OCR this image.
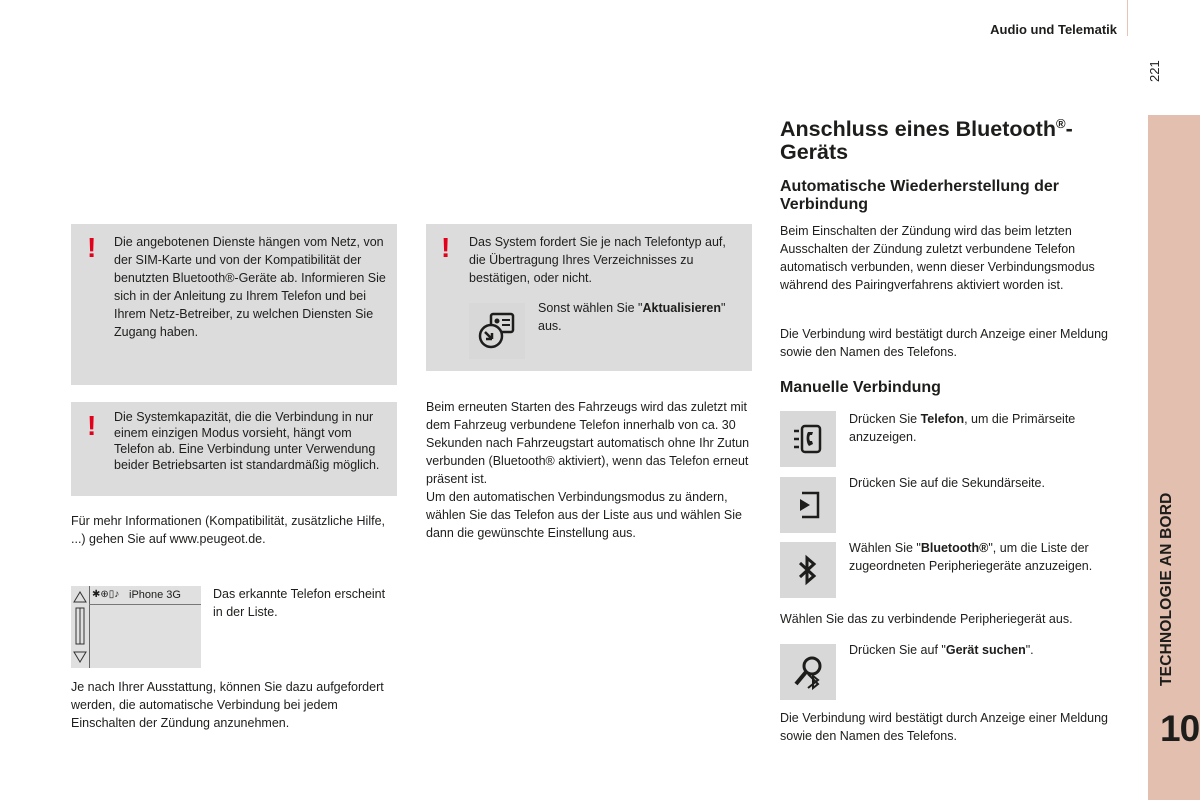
Audio und Telematik
221
TECHNOLOGIE AN BORD
10
! Die angebotenen Dienste hängen vom Netz, von der SIM-Karte und von der Kompatibilität der benutzten Bluetooth®-Geräte ab. Informieren Sie sich in der Anleitung zu Ihrem Telefon und bei Ihrem Netz-Betreiber, zu welchen Diensten Sie Zugang haben.

! Die Systemkapazität, die die Verbindung in nur einem einzigen Modus vorsieht, hängt vom Telefon ab. Eine Verbindung unter Verwendung beider Betriebsarten ist standardmäßig möglich.

Für mehr Informationen (Kompatibilität, zusätzliche Hilfe, ...) gehen Sie auf www.peugeot.de.

✱⊕▯♪ iPhone 3G	Das erkannte Telefon erscheint in der Liste.

Je nach Ihrer Ausstattung, können Sie dazu aufgefordert werden, die automatische Verbindung bei jedem Einschalten der Zündung anzunehmen.

! Das System fordert Sie je nach Telefontyp auf, die Übertragung Ihres Verzeichnisses zu bestätigen, oder nicht.

Sonst wählen Sie "Aktualisieren" aus.

Beim erneuten Starten des Fahrzeugs wird das zuletzt mit dem Fahrzeug verbundene Telefon innerhalb von ca. 30 Sekunden nach Fahrzeugstart automatisch ohne Ihr Zutun verbunden (Bluetooth® aktiviert), wenn das Telefon erneut präsent ist.

Um den automatischen Verbindungsmodus zu ändern, wählen Sie das Telefon aus der Liste aus und wählen Sie dann die gewünschte Einstellung aus.

Anschluss eines Bluetooth®-
Geräts
Automatische Wiederherstellung der Verbindung

Beim Einschalten der Zündung wird das beim letzten Ausschalten der Zündung zuletzt verbundene Telefon automatisch verbunden, wenn dieser Verbindungsmodus während des Pairingverfahrens aktiviert worden ist.

Die Verbindung wird bestätigt durch Anzeige einer Meldung sowie den Namen des Telefons.

Manuelle Verbindung

Drücken Sie Telefon, um die Primärseite anzuzeigen.

Drücken Sie auf die Sekundärseite.

Wählen Sie "Bluetooth®", um die Liste der zugeordneten Peripheriegeräte anzuzeigen.

Wählen Sie das zu verbindende Peripheriegerät aus.

Drücken Sie auf "Gerät suchen".

Die Verbindung wird bestätigt durch Anzeige einer Meldung sowie den Namen des Telefons.
